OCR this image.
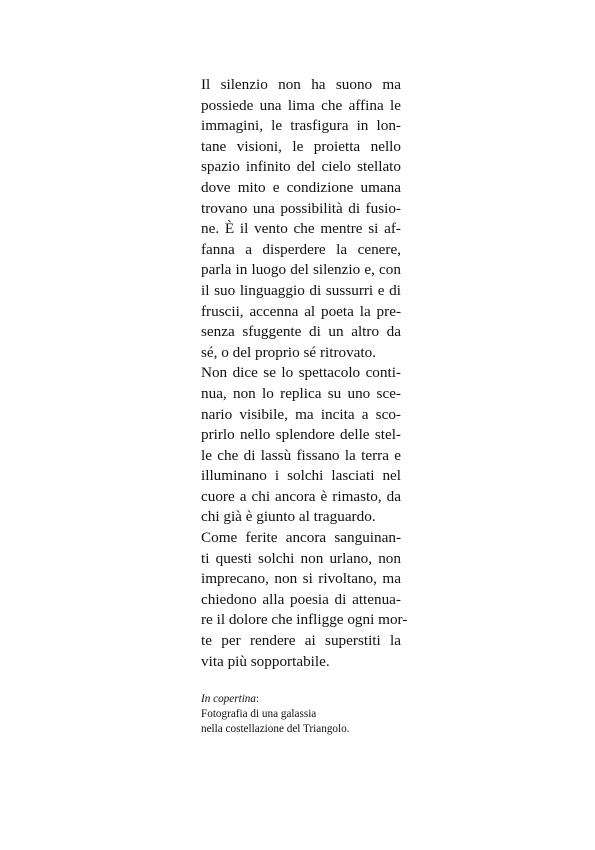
Il silenzio non ha suono ma
possiede una lima che affina le
immagini, le trasfigura in lon-
tane visioni, le proietta nello
spazio infinito del cielo stellato
dove mito e condizione umana
trovano una possibilità di fusio-
ne. È il vento che mentre si af-
fanna a disperdere la cenere,
parla in luogo del silenzio e, con
il suo linguaggio di sussurri e di
fruscii, accenna al poeta la pre-
senza sfuggente di un altro da
sé, o del proprio sé ritrovato.
Non dice se lo spettacolo conti-
nua, non lo replica su uno sce-
nario visibile, ma incita a sco-
prirlo nello splendore delle stel-
le che di lassù fissano la terra e
illuminano i solchi lasciati nel
cuore a chi ancora è rimasto, da
chi già è giunto al traguardo.
Come ferite ancora sanguinan-
ti questi solchi non urlano, non
imprecano, non si rivoltano, ma
chiedono alla poesia di attenua-
re il dolore che infligge ogni mor-
te per rendere ai superstiti la
vita più sopportabile.
In copertina:
Fotografia di una galassia
nella costellazione del Triangolo.
